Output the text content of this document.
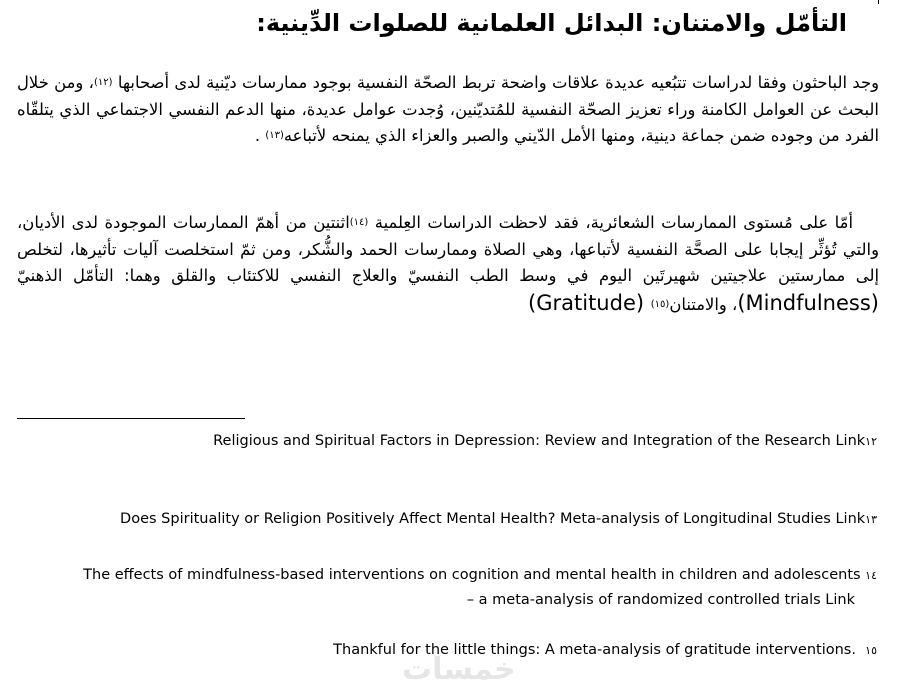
التأمّل والامتنان: البدائل العلمانية للصلوات الدِّينية:

وجد الباحثون وفقا لدراسات تتبُعيه عديدة علاقات واضحة تربط الصحّة النفسية بوجود ممارسات ديّنية لدى أصحابها (١٢)، ومن خلال البحث عن العوامل الكامنة وراء تعزيز الصحّة النفسية للمُتديّنين، وُجدت عوامل عديدة، منها الدعم النفسي الاجتماعي الذي يتلقّاه الفرد من وجوده ضمن جماعة دينية، ومنها الأمل الدّيني والصبر والعزاء الذي يمنحه لأتباعه(١٣) .

أمّا على مُستوى الممارسات الشعائرية، فقد لاحظت الدراسات العِلمية (١٤)اثنتين من أهمّ الممارسات الموجودة لدى الأديان، والتي تُؤثِّر إيجابا على الصحَّة النفسية لأتباعها، وهي الصلاة وممارسات الحمد والشُّكر، ومن ثمّ استخلصت آليات تأثيرها، لتخلص إلى ممارستين علاجيتين شهيرتَين اليوم في وسط الطب النفسيّ والعلاج النفسي للاكتئاب والقلق وهما: التأمّل الذهنيّ (Mindfulness)، والامتنان(١٥) (Gratitude)

Religious and Spiritual Factors in Depression: Review and Integration of the Research Link١٢

Does Spirituality or Religion Positively Affect Mental Health? Meta-analysis of Longitudinal Studies Link١٣

The effects of mindfulness-based interventions on cognition and mental health in children and adolescents ١٤
– a meta-analysis of randomized controlled trials Link

Thankful for the little things: A meta-analysis of gratitude interventions. ١٥

خمسات
